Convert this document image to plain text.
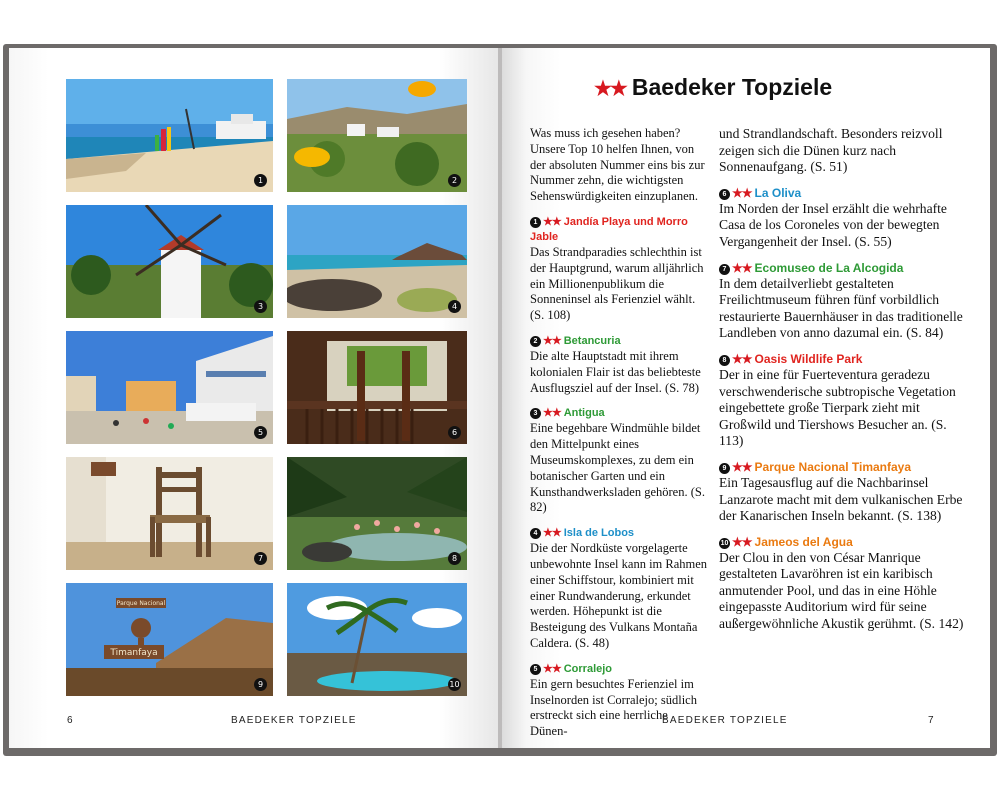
1	2
3	4
5	6
7	8
Parque Nacional
Timanfaya
9	10
6	BAEDEKER TOPZIELE
★★ Baedeker Topziele

Was muss ich gesehen haben? Unsere Top 10 helfen Ihnen, von der absoluten Nummer eins bis zur Nummer zehn, die wichtigsten Sehenswürdigkeiten einzuplanen.

1 ★★ Jandía Playa und Morro Jable
Das Strandparadies schlechthin ist der Hauptgrund, warum alljährlich ein Millionenpublikum die Sonneninsel als Ferienziel wählt. (S. 108)
2 ★★ Betancuria
Die alte Hauptstadt mit ihrem kolonialen Flair ist das beliebteste Ausflugsziel auf der Insel. (S. 78)
3 ★★ Antigua
Eine begehbare Windmühle bildet den Mittelpunkt eines Museumskomplexes, zu dem ein botanischer Garten und ein Kunsthandwerksladen gehören. (S. 82)
4 ★★ Isla de Lobos
Die der Nordküste vorgelagerte unbewohnte Insel kann im Rahmen einer Schiffstour, kombiniert mit einer Rundwanderung, erkundet werden. Höhepunkt ist die Besteigung des Vulkans Montaña Caldera. (S. 48)
5 ★★ Corralejo
Ein gern besuchtes Ferienziel im Inselnorden ist Corralejo; südlich erstreckt sich eine herrliche Dünen-
und Strandlandschaft. Besonders reizvoll zeigen sich die Dünen kurz nach Sonnenaufgang. (S. 51)
6 ★★ La Oliva
Im Norden der Insel erzählt die wehrhafte Casa de los Coroneles von der bewegten Vergangenheit der Insel. (S. 55)
7 ★★ Ecomuseo de La Alcogida
In dem detailverliebt gestalteten Freilichtmuseum führen fünf vorbildlich restaurierte Bauernhäuser in das traditionelle Landleben von anno dazumal ein. (S. 84)
8 ★★ Oasis Wildlife Park
Der in eine für Fuerteventura geradezu verschwenderische subtropische Vegetation eingebettete große Tierpark zieht mit Großwild und Tiershows Besucher an. (S. 113)
9 ★★ Parque Nacional Timanfaya
Ein Tagesausflug auf die Nachbarinsel Lanzarote macht mit dem vulkanischen Erbe der Kanarischen Inseln bekannt. (S. 138)
10 ★★ Jameos del Agua
Der Clou in den von César Manrique gestalteten Lavaröhren ist ein karibisch anmutender Pool, und das in eine Höhle eingepasste Auditorium wird für seine außergewöhnliche Akustik gerühmt. (S. 142)
BAEDEKER TOPZIELE	7
